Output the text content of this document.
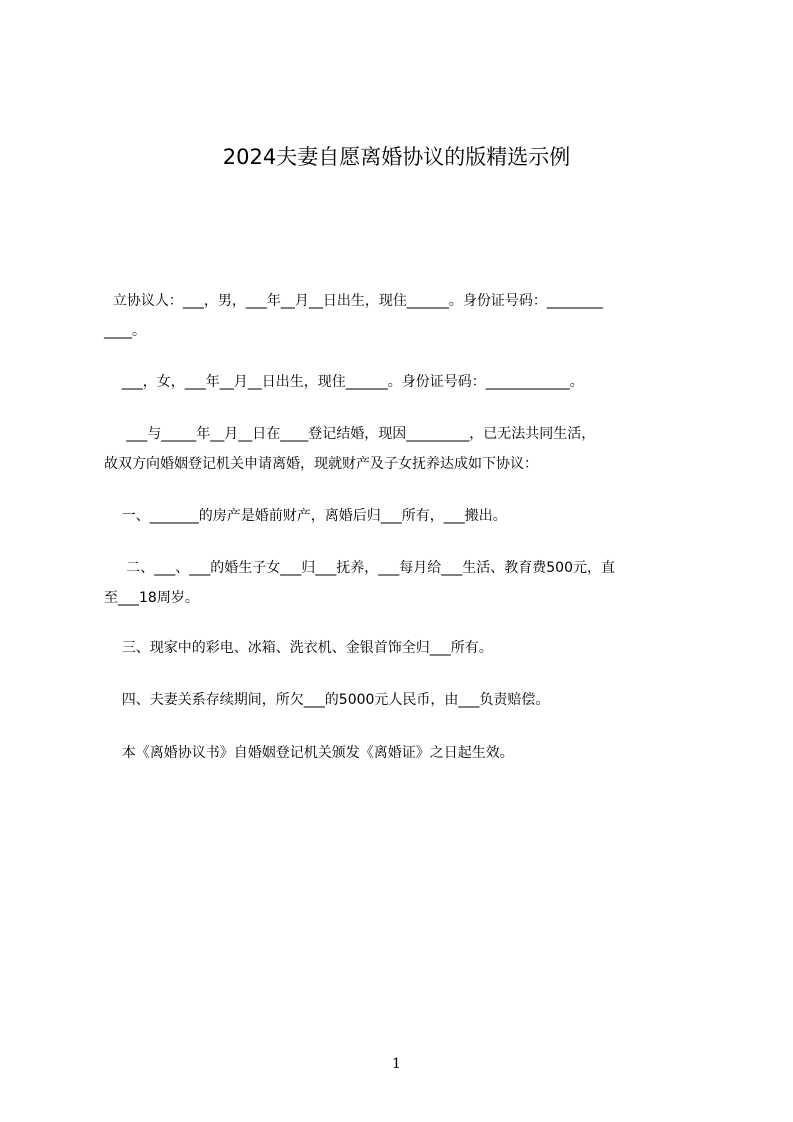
2024夫妻自愿离婚协议的版精选示例

立协议人：___，男，___年__月__日出生，现住______。身份证号码：________
____。

___，女，___年__月__日出生，现住______。身份证号码：____________。

___与_____年__月__日在____登记结婚，现因_________，已无法共同生活，
故双方向婚姻登记机关申请离婚，现就财产及子女抚养达成如下协议：

一、_______的房产是婚前财产，离婚后归___所有，___搬出。

二、___、___的婚生子女___归___抚养，___每月给___生活、教育费500元，直
至___18周岁。

三、现家中的彩电、冰箱、洗衣机、金银首饰全归___所有。

四、夫妻关系存续期间，所欠___的5000元人民币，由___负责赔偿。

本《离婚协议书》自婚姻登记机关颁发《离婚证》之日起生效。

1
